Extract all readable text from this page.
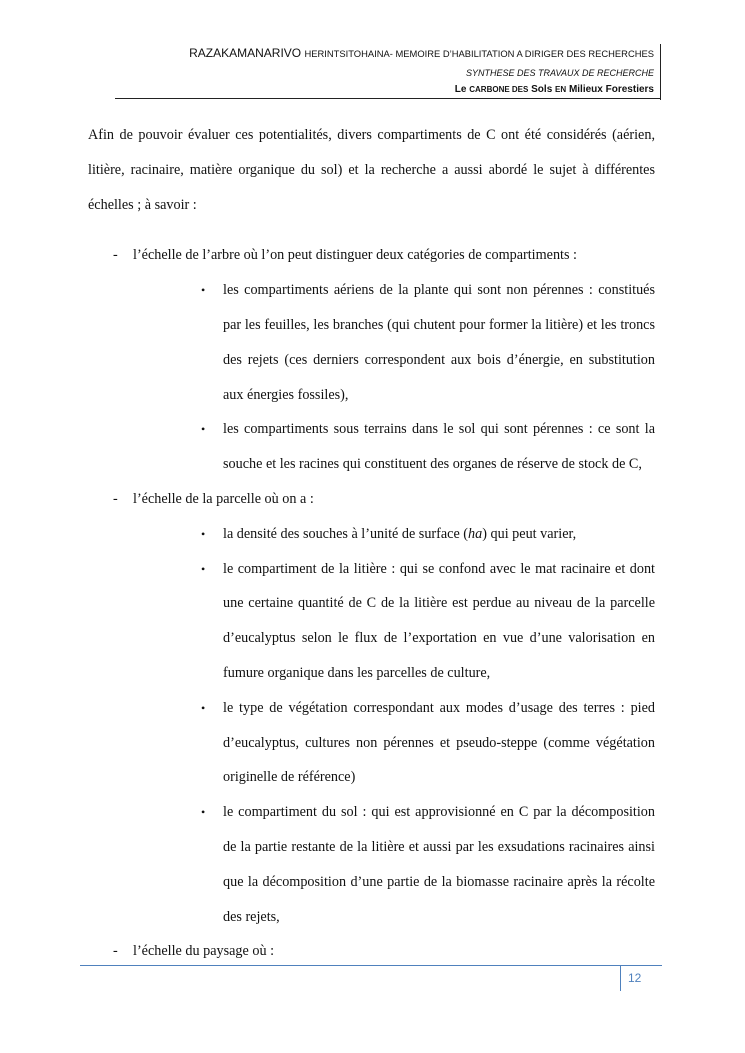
RAZAKAMANARIVO HERINTSITOHAINA- MEMOIRE D’HABILITATION A DIRIGER DES RECHERCHES
SYNTHESE DES TRAVAUX DE RECHERCHE
Le CARBONE DES Sols EN Milieux Forestiers

Afin de pouvoir évaluer ces potentialités, divers compartiments de C ont été considérés (aérien, litière, racinaire, matière organique du sol) et la recherche a aussi abordé le sujet à différentes échelles ; à savoir :

- l’échelle de l’arbre où l’on peut distinguer deux catégories de compartiments :
• les compartiments aériens de la plante qui sont non pérennes : constitués par les feuilles, les branches (qui chutent pour former la litière) et les troncs des rejets (ces derniers correspondent aux bois d’énergie, en substitution aux énergies fossiles),
• les compartiments sous terrains dans le sol qui sont pérennes : ce sont la souche et les racines qui constituent des organes de réserve de stock de C,
- l’échelle de la parcelle où on a :
• la densité des souches à l’unité de surface (ha) qui peut varier,
• le compartiment de la litière : qui se confond avec le mat racinaire et dont une certaine quantité de C de la litière est perdue au niveau de la parcelle d’eucalyptus selon le flux de l’exportation en vue d’une valorisation en fumure organique dans les parcelles de culture,
• le type de végétation correspondant aux modes d’usage des terres : pied d’eucalyptus, cultures non pérennes et pseudo-steppe (comme végétation originelle de référence)
• le compartiment du sol : qui est approvisionné en C par la décomposition de la partie restante de la litière et aussi par les exsudations racinaires ainsi que la décomposition d’une partie de la biomasse racinaire après la récolte des rejets,
- l’échelle du paysage où :
12
